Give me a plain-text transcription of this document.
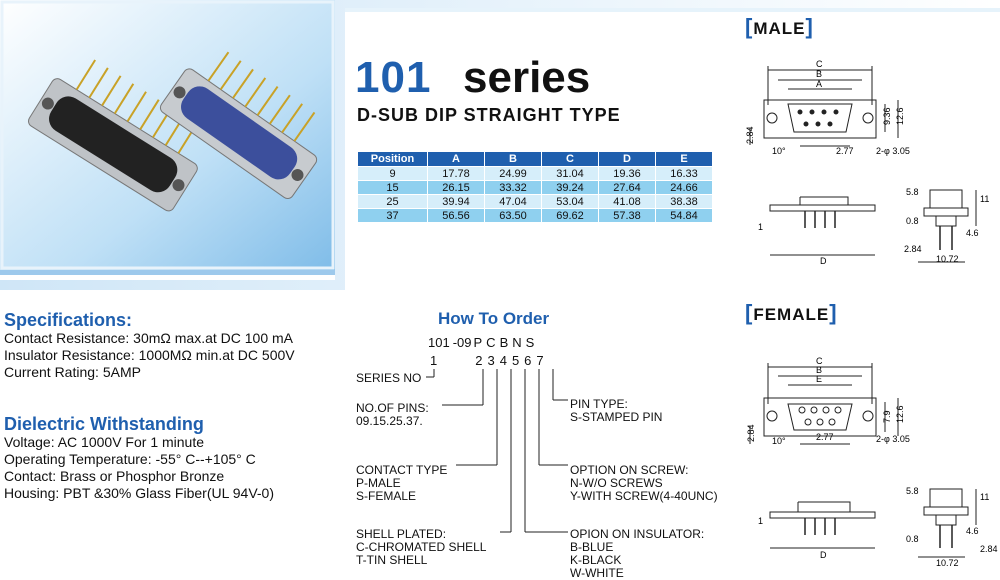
101 series
D-SUB DIP STRAIGHT TYPE
Position	A	B	C	D	E
9	17.78	24.99	31.04	19.36	16.33
15	26.15	33.32	39.24	27.64	24.66
25	39.94	47.04	53.04	41.08	38.38
37	56.56	63.50	69.62	57.38	54.84
[MALE]
C
B
A
9.36 12.6
2.84
10°	2.77 2-φ 3.05
D
1
5.8
11
0.8
4.6
2.84
10.72
[FEMALE]
C
B
E
7.9 12.6
2.84 10°	2.77	2-φ 3.05
D
1
5.8
11
0.8
4.6
2.84
10.72
Specifications:
Contact Resistance: 30mΩ max.at DC 100 mA
Insulator Resistance: 1000MΩ min.at DC 500V
Current Rating: 5AMP
Dielectric Withstanding
Voltage: AC 1000V For 1 minute
Operating Temperature: -55° C--+105° C
Contact: Brass or Phosphor Bronze
Housing: PBT &30% Glass Fiber(UL 94V-0)
How To Order
101 -09 P C B N S
1	2 3 4 5 6 7
SERIES NO
NO.OF PINS:
09.15.25.37.
CONTACT TYPE
P-MALE
S-FEMALE
SHELL PLATED:
C-CHROMATED SHELL
T-TIN SHELL
PIN TYPE:
S-STAMPED PIN
OPTION ON SCREW:
N-W/O SCREWS
Y-WITH SCREW(4-40UNC)
OPION ON INSULATOR:
B-BLUE
K-BLACK
W-WHITE
